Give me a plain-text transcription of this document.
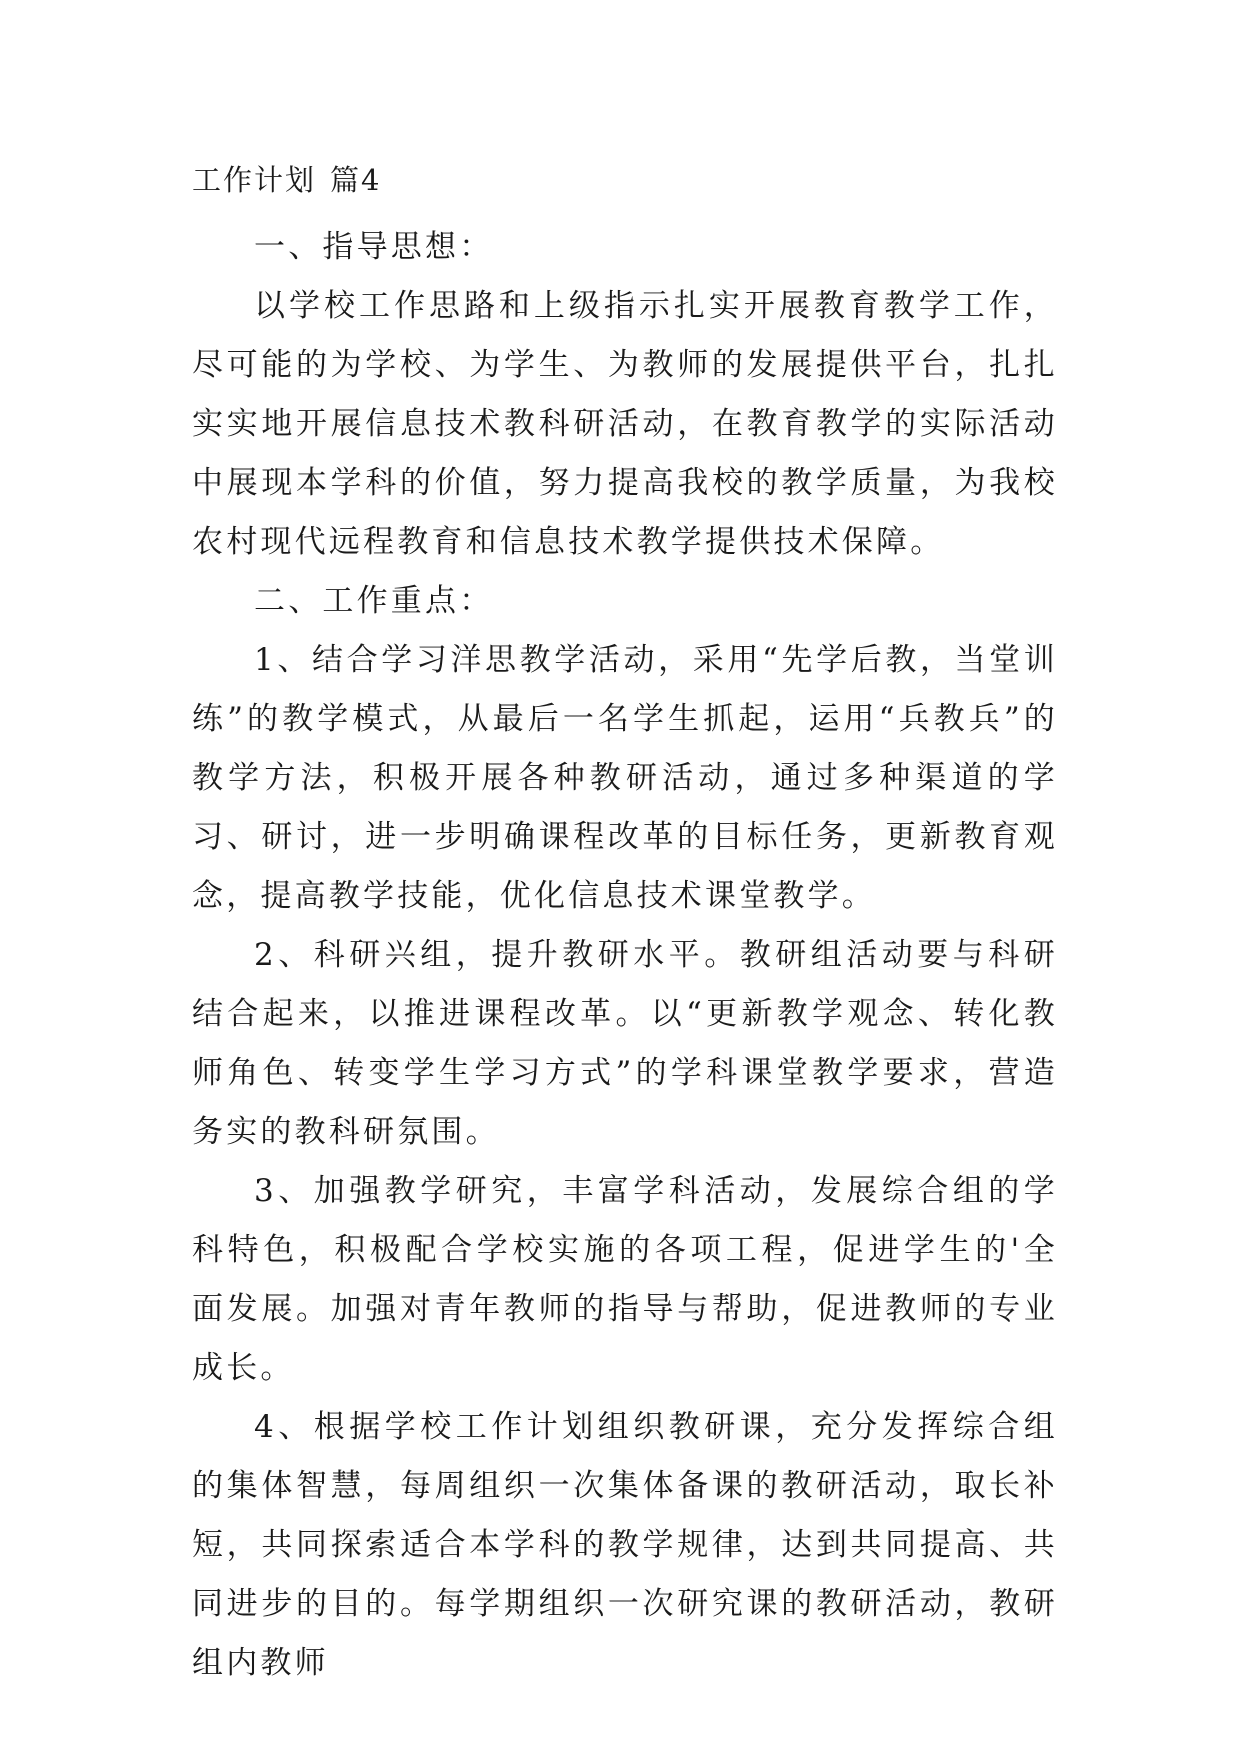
工作计划 篇4

一、指导思想：

以学校工作思路和上级指示扎实开展教育教学工作，尽可能的为学校、为学生、为教师的发展提供平台，扎扎实实地开展信息技术教科研活动，在教育教学的实际活动中展现本学科的价值，努力提高我校的教学质量，为我校农村现代远程教育和信息技术教学提供技术保障。

二、工作重点：

1、结合学习洋思教学活动，采用“先学后教，当堂训练”的教学模式，从最后一名学生抓起，运用“兵教兵”的教学方法，积极开展各种教研活动，通过多种渠道的学习、研讨，进一步明确课程改革的目标任务，更新教育观念，提高教学技能，优化信息技术课堂教学。

2、科研兴组，提升教研水平。教研组活动要与科研结合起来，以推进课程改革。以“更新教学观念、转化教师角色、转变学生学习方式”的学科课堂教学要求，营造务实的教科研氛围。

3、加强教学研究，丰富学科活动，发展综合组的学科特色，积极配合学校实施的各项工程，促进学生的'全面发展。加强对青年教师的指导与帮助，促进教师的专业成长。

4、根据学校工作计划组织教研课，充分发挥综合组的集体智慧，每周组织一次集体备课的教研活动，取长补短，共同探索适合本学科的教学规律，达到共同提高、共同进步的目的。每学期组织一次研究课的教研活动，教研组内教师
